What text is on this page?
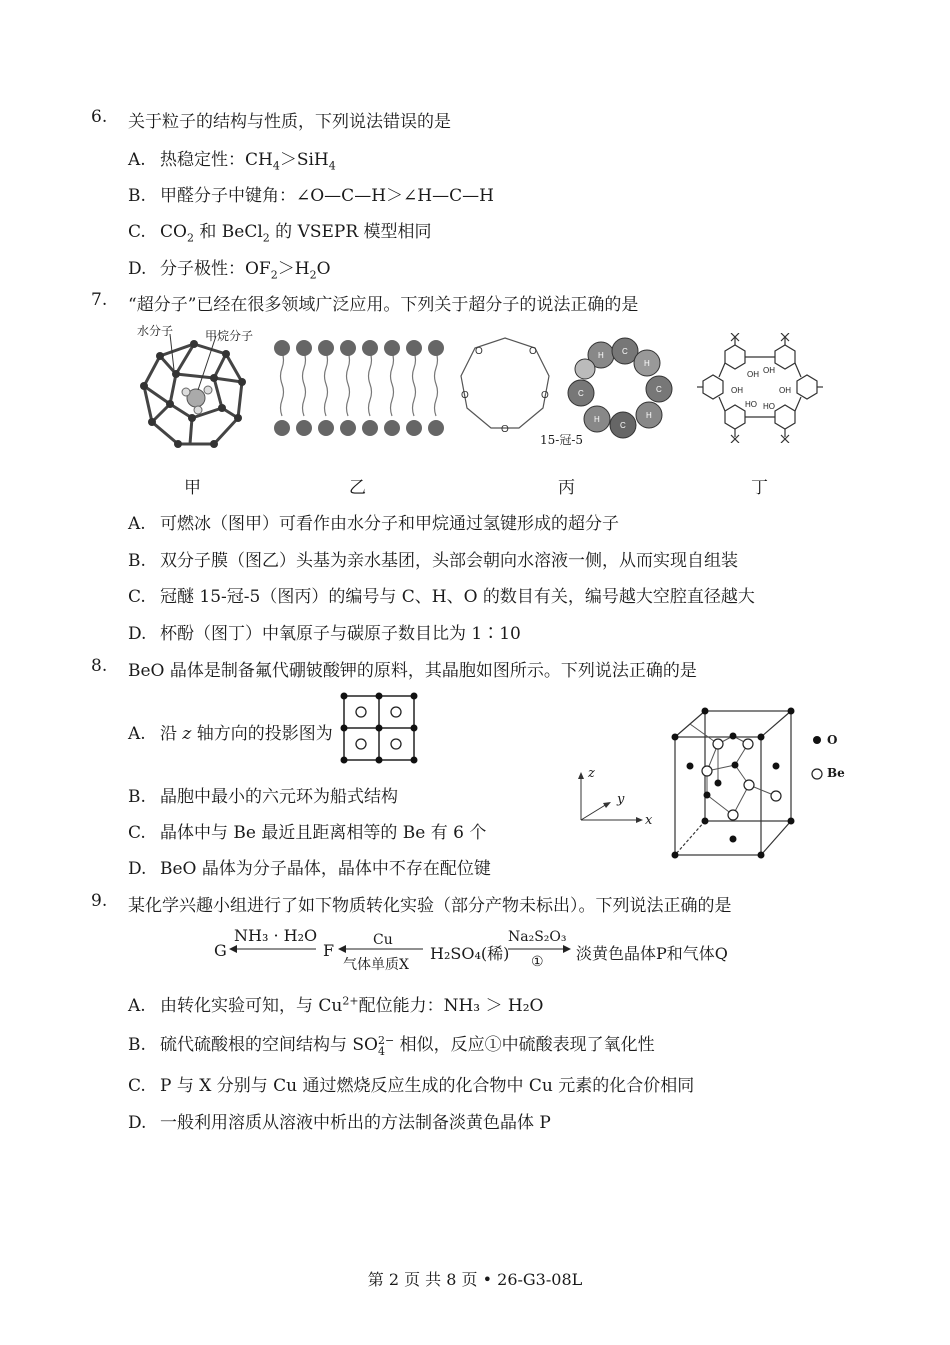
6. 关于粒子的结构与性质，下列说法错误的是
A. 热稳定性：$CH_4>SiH_4$
B. 甲醛分子中键角：∠O—C—H＞∠H—C—H
C. $CO_2$ 和 BeCl$_2$ 的 VSEPR 模型相同
D. 分子极性：$OF_2>H_2O$
7. “超分子”已经在很多领域广泛应用。下列关于超分子的说法正确的是
水分子	甲烷分子
O	O
O	O
O
15-冠-5
H C
H
C
H
C
H
C
OH OH
OH	OH
HO HO
甲	乙	丙	丁
A. 可燃冰（图甲）可看作由水分子和甲烷通过氢键形成的超分子
B. 双分子膜（图乙）头基为亲水基团，头部会朝向水溶液一侧，从而实现自组装
C. 冠醚 15-冠-5（图丙）的编号与 C、H、O 的数目有关，编号越大空腔直径越大
D. 杯酚（图丁）中氧原子与碳原子数目比为 1∶10
8. BeO 晶体是制备氟代硼铍酸钾的原料，其晶胞如图所示。下列说法正确的是
A. 沿 z 轴方向的投影图为
B. 晶胞中最小的六元环为船式结构
C. 晶体中与 Be 最近且距离相等的 Be 有 6 个
D. BeO 晶体为分子晶体，晶体中不存在配位键
z
y
x
O
Be
9. 某化学兴趣小组进行了如下物质转化实验（部分产物未标出）。下列说法正确的是
G
NH₃ · H₂O
F
Cu
气体单质X
H₂SO₄(稀)
Na₂S₂O₃
① 淡黄色晶体P和气体Q
A. 由转化实验可知，与 $Cu^{2+}$配位能力：NH₃ ＞ H₂O
B. 硫代硫酸根的空间结构与 SO 2−
4 相似，反应①中硫酸表现了氧化性
C. P 与 X 分别与 Cu 通过燃烧反应生成的化合物中 Cu 元素的化合价相同
D. 一般利用溶质从溶液中析出的方法制备淡黄色晶体 P
第 2 页 共 8 页 • 26-G3-08L
